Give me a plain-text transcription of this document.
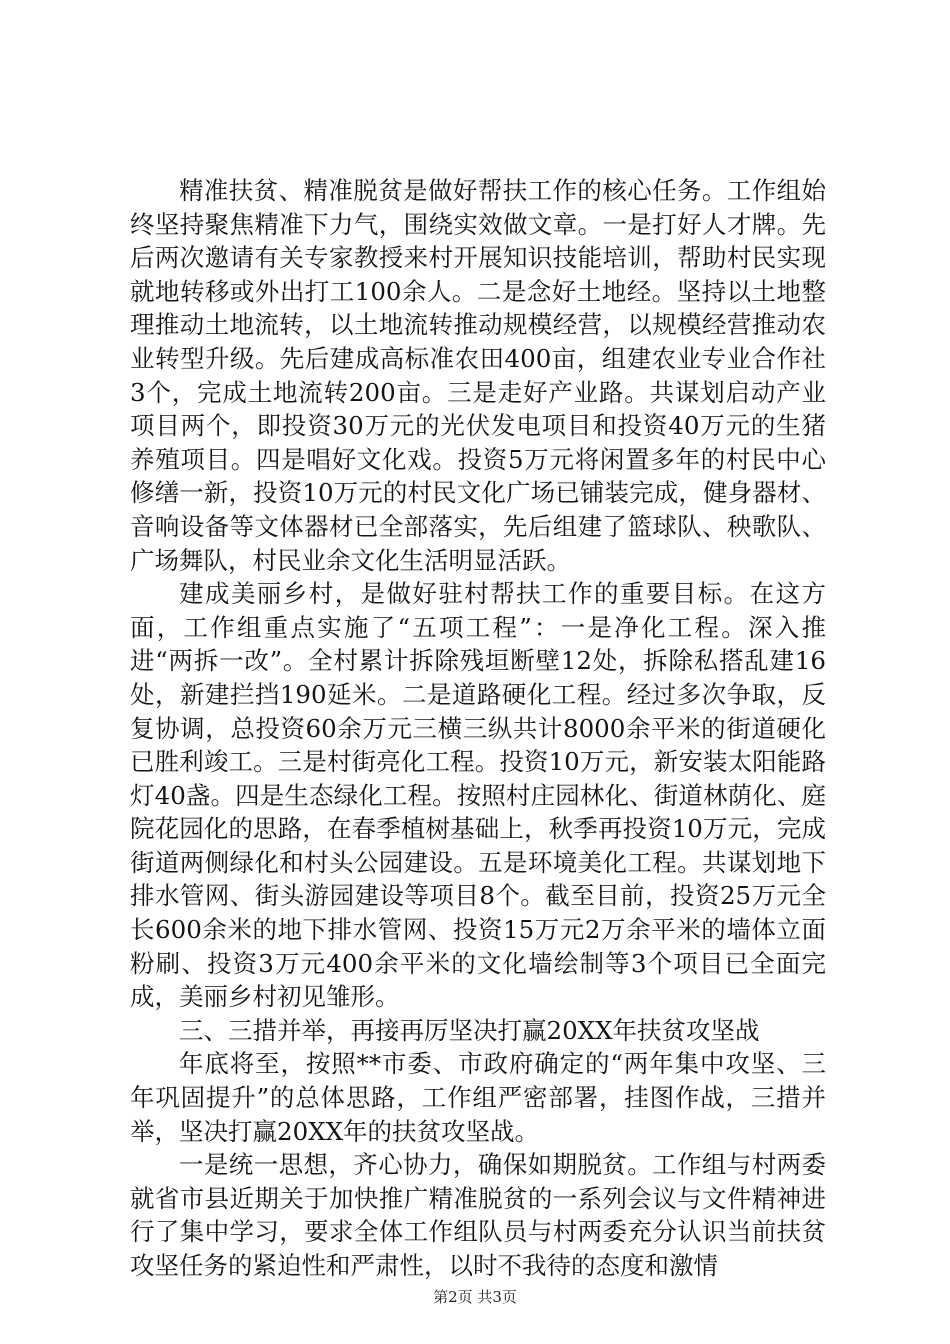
精准扶贫、精准脱贫是做好帮扶工作的核心任务。工作组始终坚持聚焦精准下力气，围绕实效做文章。一是打好人才牌。先后两次邀请有关专家教授来村开展知识技能培训，帮助村民实现就地转移或外出打工100余人。二是念好土地经。坚持以土地整理推动土地流转，以土地流转推动规模经营，以规模经营推动农业转型升级。先后建成高标准农田400亩，组建农业专业合作社3个，完成土地流转200亩。三是走好产业路。共谋划启动产业项目两个，即投资30万元的光伏发电项目和投资40万元的生猪养殖项目。四是唱好文化戏。投资5万元将闲置多年的村民中心修缮一新，投资10万元的村民文化广场已铺装完成，健身器材、音响设备等文体器材已全部落实，先后组建了篮球队、秧歌队、广场舞队，村民业余文化生活明显活跃。

建成美丽乡村，是做好驻村帮扶工作的重要目标。在这方面，工作组重点实施了“五项工程”：一是净化工程。深入推进“两拆一改”。全村累计拆除残垣断壁12处，拆除私搭乱建16处，新建拦挡190延米。二是道路硬化工程。经过多次争取，反复协调，总投资60余万元三横三纵共计8000余平米的街道硬化已胜利竣工。三是村街亮化工程。投资10万元，新安装太阳能路灯40盏。四是生态绿化工程。按照村庄园林化、街道林荫化、庭院花园化的思路，在春季植树基础上，秋季再投资10万元，完成街道两侧绿化和村头公园建设。五是环境美化工程。共谋划地下排水管网、街头游园建设等项目8个。截至目前，投资25万元全长600余米的地下排水管网、投资15万元2万余平米的墙体立面粉刷、投资3万元400余平米的文化墙绘制等3个项目已全面完成，美丽乡村初见雏形。

三、三措并举，再接再厉坚决打赢20XX年扶贫攻坚战

年底将至，按照**市委、市政府确定的“两年集中攻坚、三年巩固提升”的总体思路，工作组严密部署，挂图作战，三措并举，坚决打赢20XX年的扶贫攻坚战。

一是统一思想，齐心协力，确保如期脱贫。工作组与村两委就省市县近期关于加快推广精准脱贫的一系列会议与文件精神进行了集中学习，要求全体工作组队员与村两委充分认识当前扶贫攻坚任务的紧迫性和严肃性，以时不我待的态度和激情

第2页 共3页
